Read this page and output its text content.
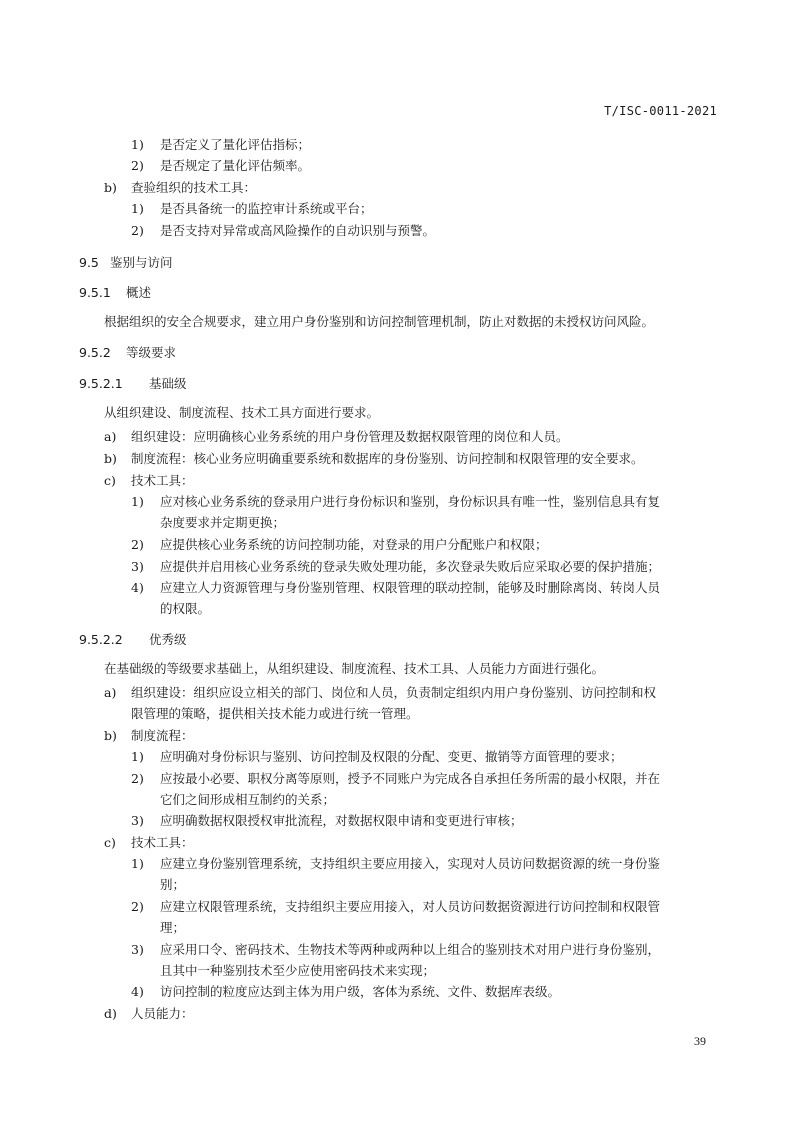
T/ISC-0011-2021
1) 是否定义了量化评估指标；
2) 是否规定了量化评估频率。
b) 查验组织的技术工具：
1) 是否具备统一的监控审计系统或平台；
2) 是否支持对异常或高风险操作的自动识别与预警。
9.5 鉴别与访问
9.5.1 概述
根据组织的安全合规要求，建立用户身份鉴别和访问控制管理机制，防止对数据的未授权访问风险。
9.5.2 等级要求
9.5.2.1 基础级
从组织建设、制度流程、技术工具方面进行要求。
a) 组织建设：应明确核心业务系统的用户身份管理及数据权限管理的岗位和人员。
b) 制度流程：核心业务应明确重要系统和数据库的身份鉴别、访问控制和权限管理的安全要求。
c) 技术工具：
1) 应对核心业务系统的登录用户进行身份标识和鉴别，身份标识具有唯一性，鉴别信息具有复
杂度要求并定期更换；
2) 应提供核心业务系统的访问控制功能，对登录的用户分配账户和权限；
3) 应提供并启用核心业务系统的登录失败处理功能，多次登录失败后应采取必要的保护措施；
4) 应建立人力资源管理与身份鉴别管理、权限管理的联动控制，能够及时删除离岗、转岗人员
的权限。
9.5.2.2 优秀级
在基础级的等级要求基础上，从组织建设、制度流程、技术工具、人员能力方面进行强化。
a) 组织建设：组织应设立相关的部门、岗位和人员，负责制定组织内用户身份鉴别、访问控制和权
限管理的策略，提供相关技术能力或进行统一管理。
b) 制度流程：
1) 应明确对身份标识与鉴别、访问控制及权限的分配、变更、撤销等方面管理的要求；
2) 应按最小必要、职权分离等原则，授予不同账户为完成各自承担任务所需的最小权限，并在
它们之间形成相互制约的关系；
3) 应明确数据权限授权审批流程，对数据权限申请和变更进行审核；
c) 技术工具：
1) 应建立身份鉴别管理系统，支持组织主要应用接入，实现对人员访问数据资源的统一身份鉴
别；
2) 应建立权限管理系统，支持组织主要应用接入，对人员访问数据资源进行访问控制和权限管
理；
3) 应采用口令、密码技术、生物技术等两种或两种以上组合的鉴别技术对用户进行身份鉴别，
且其中一种鉴别技术至少应使用密码技术来实现；
4) 访问控制的粒度应达到主体为用户级，客体为系统、文件、数据库表级。
d) 人员能力：
39
